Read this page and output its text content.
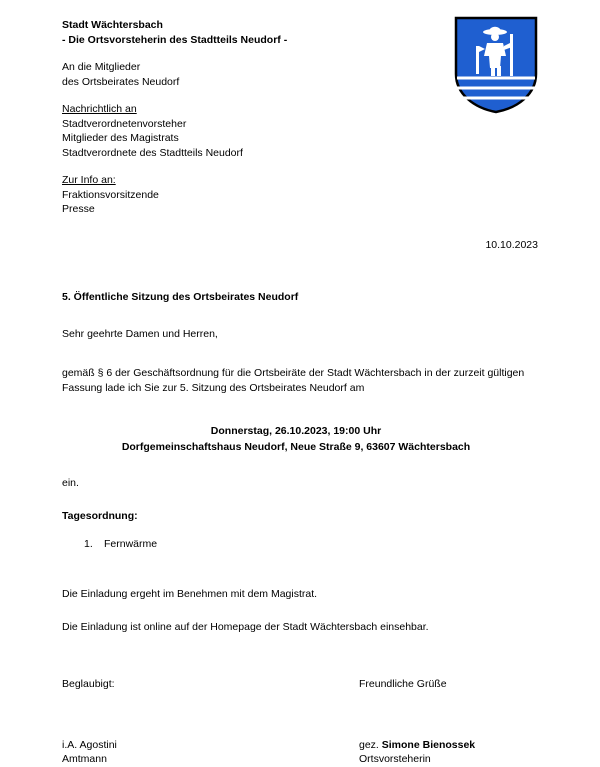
Stadt Wächtersbach
- Die Ortsvorsteherin des Stadtteils Neudorf -
An die Mitglieder
des Ortsbeirates Neudorf
Nachrichtlich an
Stadtverordnetenvorsteher
Mitglieder des Magistrats
Stadtverordnete des Stadtteils Neudorf
Zur Info an:
Fraktionsvorsitzende
Presse
10.10.2023
5. Öffentliche Sitzung des Ortsbeirates Neudorf
Sehr geehrte Damen und Herren,
gemäß § 6 der Geschäftsordnung für die Ortsbeiräte der Stadt Wächtersbach in der zurzeit gültigen Fassung lade ich Sie zur 5. Sitzung des Ortsbeirates Neudorf am
Donnerstag, 26.10.2023, 19:00 Uhr
Dorfgemeinschaftshaus Neudorf, Neue Straße 9, 63607 Wächtersbach
ein.
Tagesordnung:
1.	Fernwärme
Die Einladung ergeht im Benehmen mit dem Magistrat.
Die Einladung ist online auf der Homepage der Stadt Wächtersbach einsehbar.
Beglaubigt:	Freundliche Grüße
i.A. Agostini
Amtmann
gez. Simone Bienossek
Ortsvorsteherin
